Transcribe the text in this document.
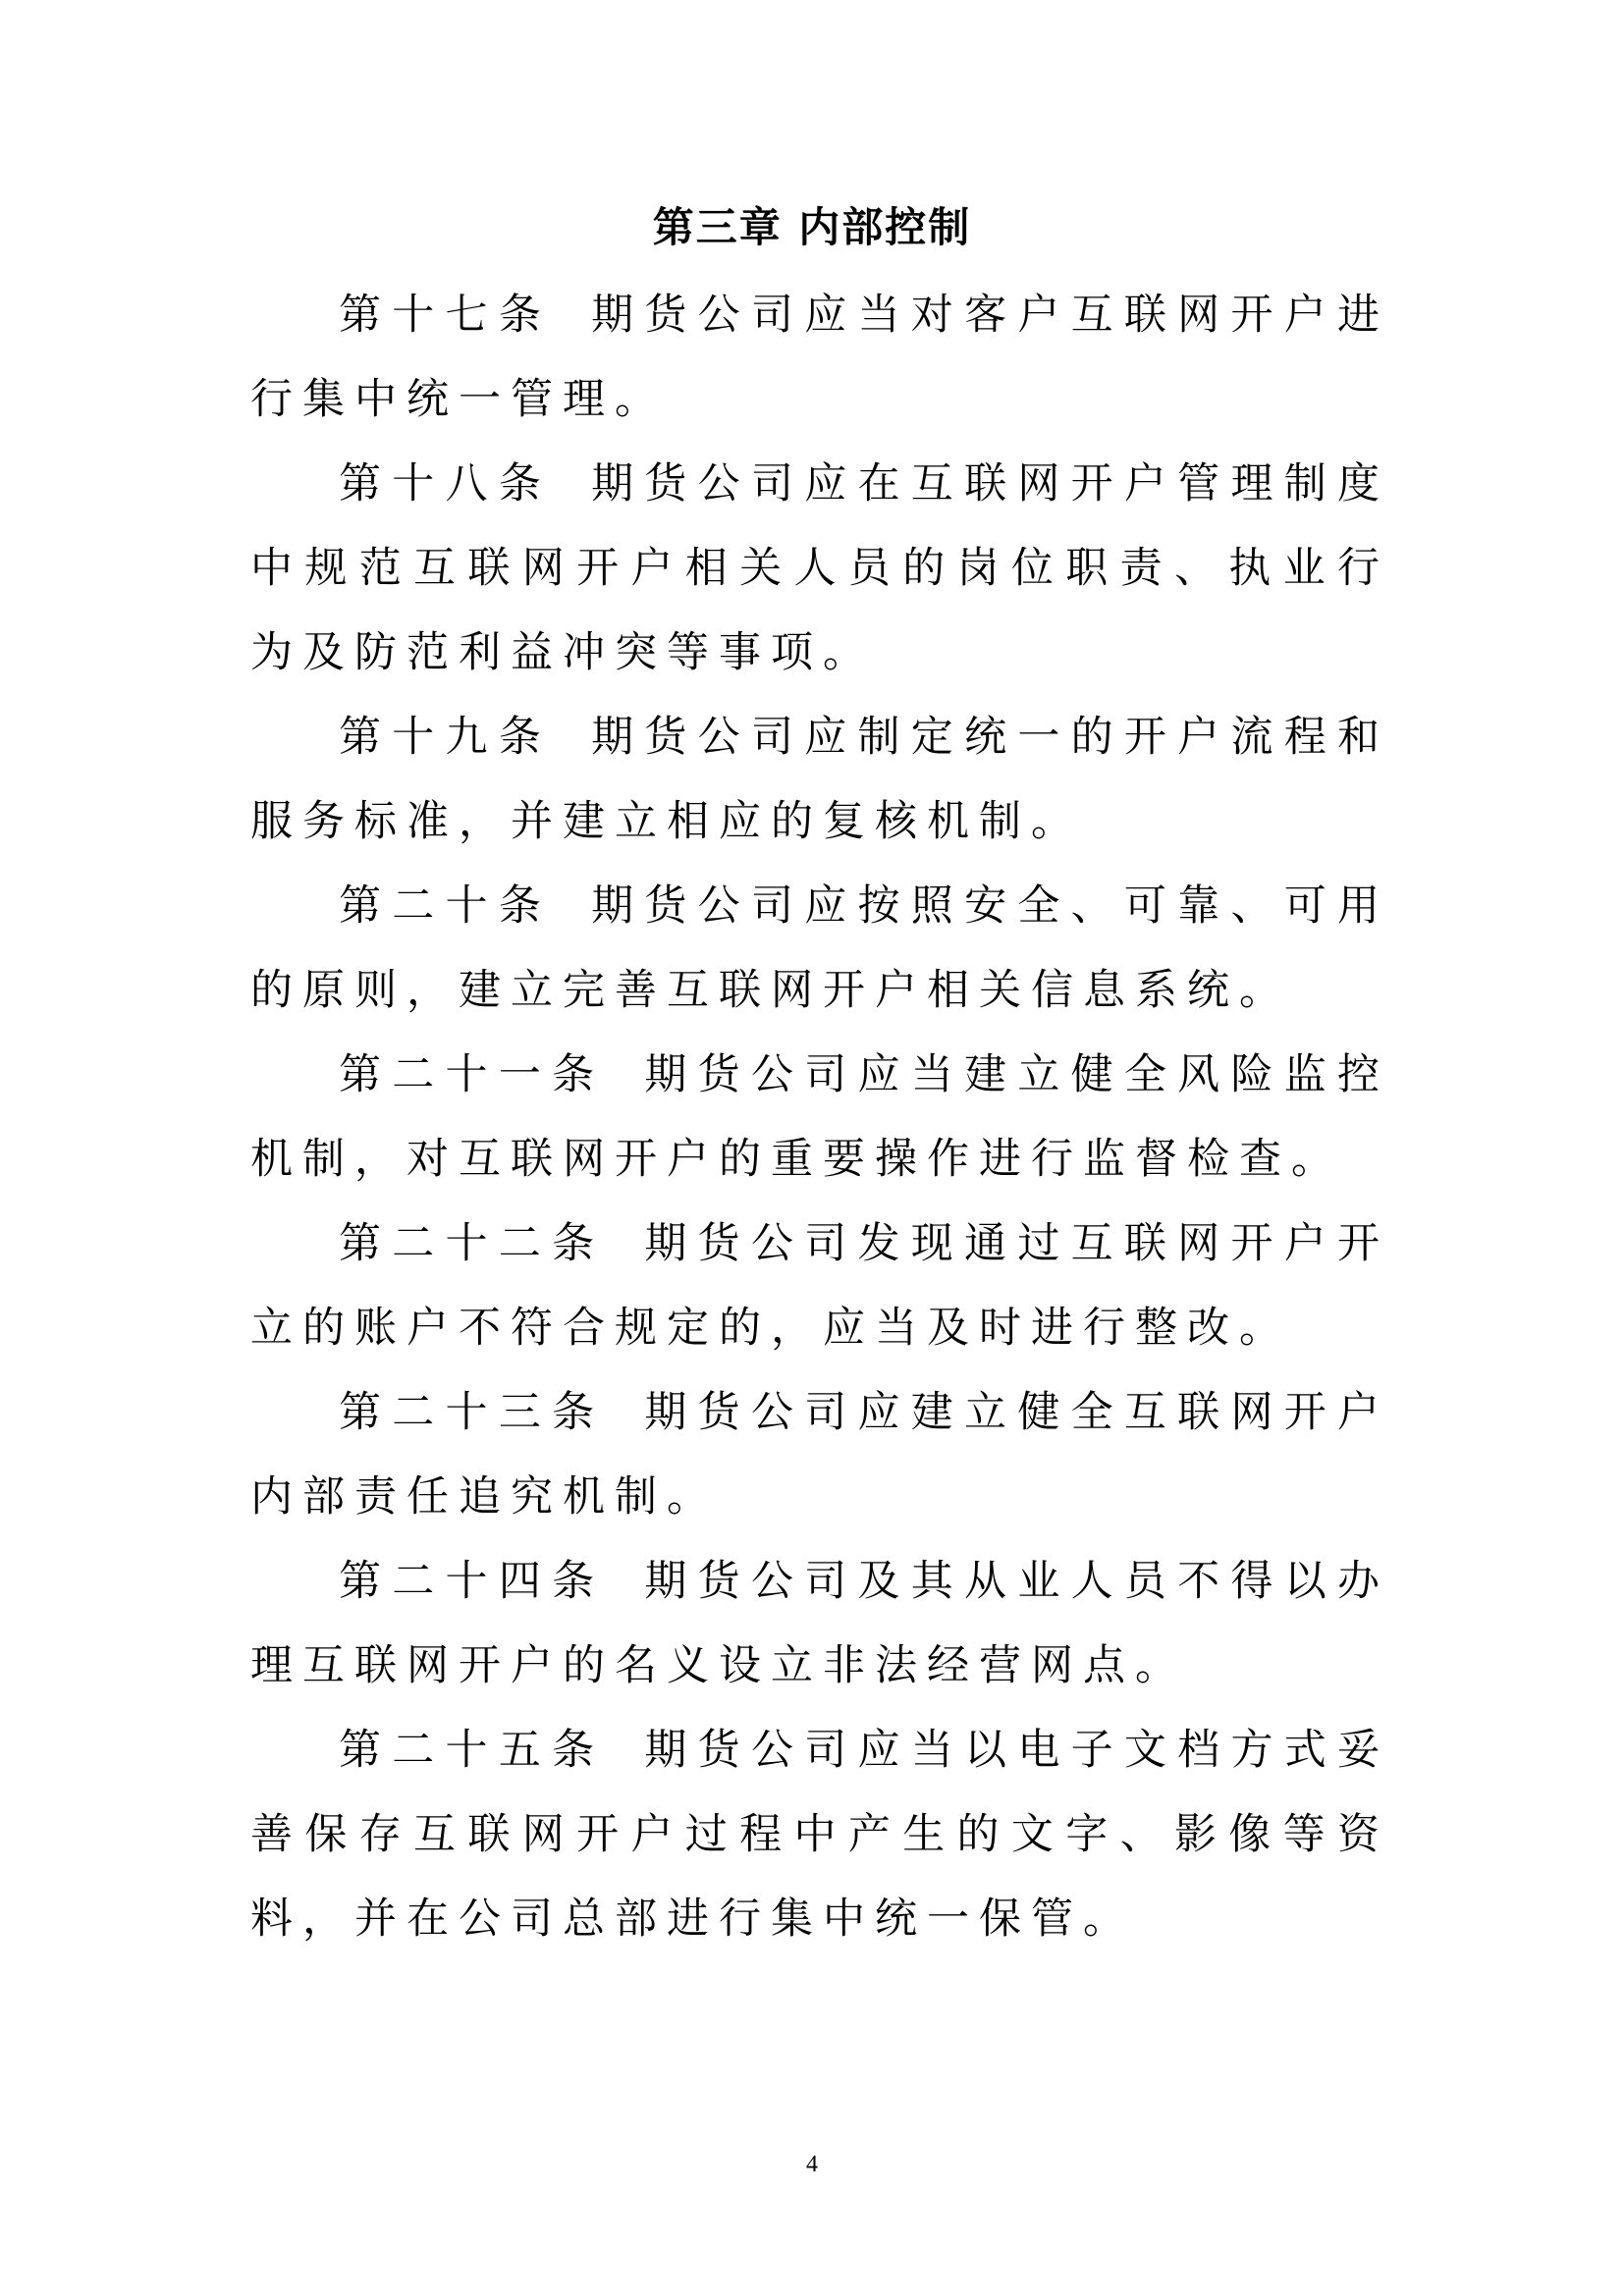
第三章 内部控制

第十七条 期货公司应当对客户互联网开户进行集中统一管理。

第十八条 期货公司应在互联网开户管理制度中规范互联网开户相关人员的岗位职责、执业行为及防范利益冲突等事项。

第十九条 期货公司应制定统一的开户流程和服务标准，并建立相应的复核机制。

第二十条 期货公司应按照安全、可靠、可用的原则，建立完善互联网开户相关信息系统。

第二十一条 期货公司应当建立健全风险监控机制，对互联网开户的重要操作进行监督检查。

第二十二条 期货公司发现通过互联网开户开立的账户不符合规定的，应当及时进行整改。

第二十三条 期货公司应建立健全互联网开户内部责任追究机制。

第二十四条 期货公司及其从业人员不得以办理互联网开户的名义设立非法经营网点。

第二十五条 期货公司应当以电子文档方式妥善保存互联网开户过程中产生的文字、影像等资料，并在公司总部进行集中统一保管。

4
